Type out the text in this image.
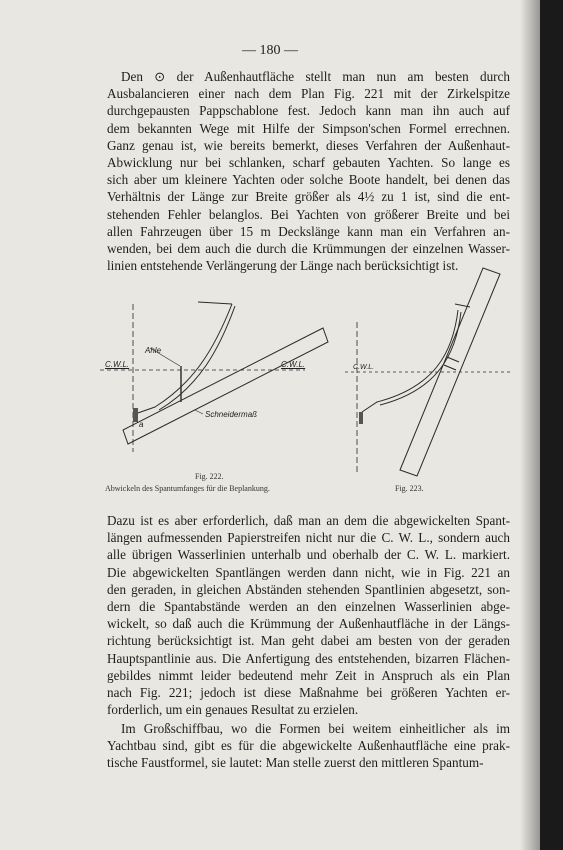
— 180 —
Den ⊙ der Außenhautfläche stellt man nun am besten durch
Ausbalancieren einer nach dem Plan Fig. 221 mit der Zirkelspitze
durchgepausten Pappschablone fest. Jedoch kann man ihn auch auf
dem bekannten Wege mit Hilfe der Simpson'schen Formel errechnen.
Ganz genau ist, wie bereits bemerkt, dieses Verfahren der Außenhaut-
Abwicklung nur bei schlanken, scharf gebauten Yachten. So lange es
sich aber um kleinere Yachten oder solche Boote handelt, bei denen das
Verhältnis der Länge zur Breite größer als 4½ zu 1 ist, sind die ent-
stehenden Fehler belanglos. Bei Yachten von größerer Breite und bei
allen Fahrzeugen über 15 m Deckslänge kann man ein Verfahren an-
wenden, bei dem auch die durch die Krümmungen der einzelnen Wasser-
linien entstehende Verlängerung der Länge nach berücksichtigt ist.
Ahle
C.W.L.	C.W.L.
Schneidermaß
a
C.W.L.
Fig. 222.
Abwickeln des Spantumfanges für die Beplankung.	Fig. 223.
Dazu ist es aber erforderlich, daß man an dem die abgewickelten Spant-
längen aufmessenden Papierstreifen nicht nur die C. W. L., sondern auch
alle übrigen Wasserlinien unterhalb und oberhalb der C. W. L. markiert.
Die abgewickelten Spantlängen werden dann nicht, wie in Fig. 221 an
den geraden, in gleichen Abständen stehenden Spantlinien abgesetzt, son-
dern die Spantabstände werden an den einzelnen Wasserlinien abge-
wickelt, so daß auch die Krümmung der Außenhautfläche in der Längs-
richtung berücksichtigt ist. Man geht dabei am besten von der geraden
Hauptspantlinie aus. Die Anfertigung des entstehenden, bizarren Flächen-
gebildes nimmt leider bedeutend mehr Zeit in Anspruch als ein Plan
nach Fig. 221; jedoch ist diese Maßnahme bei größeren Yachten er-
forderlich, um ein genaues Resultat zu erzielen.
Im Großschiffbau, wo die Formen bei weitem einheitlicher als im
Yachtbau sind, gibt es für die abgewickelte Außenhautfläche eine prak-
tische Faustformel, sie lautet: Man stelle zuerst den mittleren Spantum-
